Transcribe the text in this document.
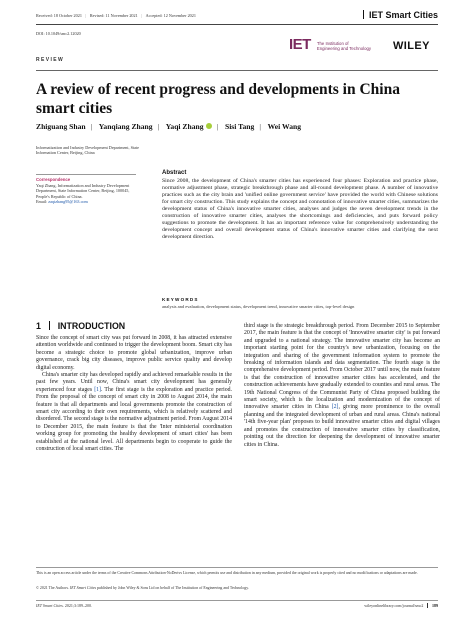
Received: 18 October 2021 | Revised: 11 November 2021 | Accepted: 12 November 2021	IET Smart Cities
DOI: 10.1049/smc2.12020
IET The Institution of
Engineering and Technology WILEY
REVIEW
A review of recent progress and developments in China smart cities
Zhiguang Shan | Yanqiang Zhang | Yaqi Zhang | Sisi Tang | Wei Wang
Informatization and Industry Development Department, State Information Center, Beijing, China
Correspondence
Yaqi Zhang, Informatization and Industry Development Department, State Information Center, Beijing, 100045, People's Republic of China.
Email: zaqizhang95@163.com
Abstract
Since 2008, the development of China's smarter cities has experienced four phases: Exploration and practice phase, normative adjustment phase, strategic breakthrough phase and all-round development phase. A number of innovative practices such as the city brain and 'unified online government service' have provided the world with Chinese solutions for smart city construction. This study explains the concept and connotation of innovative smarter cities, summarizes the development status of China's innovative smarter cities, analyses and judges the seven development trends in the construction of innovative smarter cities, analyses the shortcomings and deficiencies, and puts forward policy suggestions to promote the development. It has an important reference value for comprehensively understanding the development concept and overall development status of China's innovative smarter cities and clarifying the next development direction.
KEYWORDS
analysis and evaluation, development status, development trend, innovative smarter cities, top-level design
1 INTRODUCTION

Since the concept of smart city was put forward in 2008, it has attracted extensive attention worldwide and continued to trigger the development boom. Smart city has become a strategic choice to promote global urbanization, improve urban governance, crack big city diseases, improve public service quality and develop digital economy.

China's smarter city has developed rapidly and achieved remarkable results in the past few years. Until now, China's smart city development has generally experienced four stages [1]. The first stage is the exploration and practice period. From the proposal of the concept of smart city in 2008 to August 2014, the main feature is that all departments and local governments promote the construction of smart city according to their own requirements, which is relatively scattered and disordered. The second stage is the normative adjustment period. From August 2014 to December 2015, the main feature is that the 'Inter ministerial coordination working group for promoting the healthy development of smart cities' has been established at the national level. All departments begin to cooperate to guide the construction of local smart cities. The

third stage is the strategic breakthrough period. From December 2015 to September 2017, the main feature is that the concept of 'Innovative smarter city' is put forward and upgraded to a national strategy. The innovative smarter city has become an important starting point for the country's new urbanization, focusing on the integration and sharing of the government information system to promote the breaking of information islands and data segmentation. The fourth stage is the comprehensive development period. From October 2017 until now, the main feature is that the construction of innovative smarter cities has accelerated, and the construction achievements have gradually extended to counties and rural areas. The 19th National Congress of the Communist Party of China proposed building the smart society, which is the localization and modernization of the concept of innovative smarter cities in China [2], giving more prominence to the overall planning and the integrated development of urban and rural areas. China's national '14th five-year plan' proposes to build innovative smarter cities and digital villages and promotes the construction of innovative smarter cities by classification, pointing out the direction for deepening the development of innovative smarter cities in China.

This is an open access article under the terms of the Creative Commons Attribution-NoDerivs License, which permits use and distribution in any medium, provided the original work is properly cited and no modifications or adaptations are made.
© 2021 The Authors. IET Smart Cities published by John Wiley & Sons Ltd on behalf of The Institution of Engineering and Technology.
IET Smart Cities. 2021;3:189–200.	wileyonlinelibrary.com/journal/smc2 189
